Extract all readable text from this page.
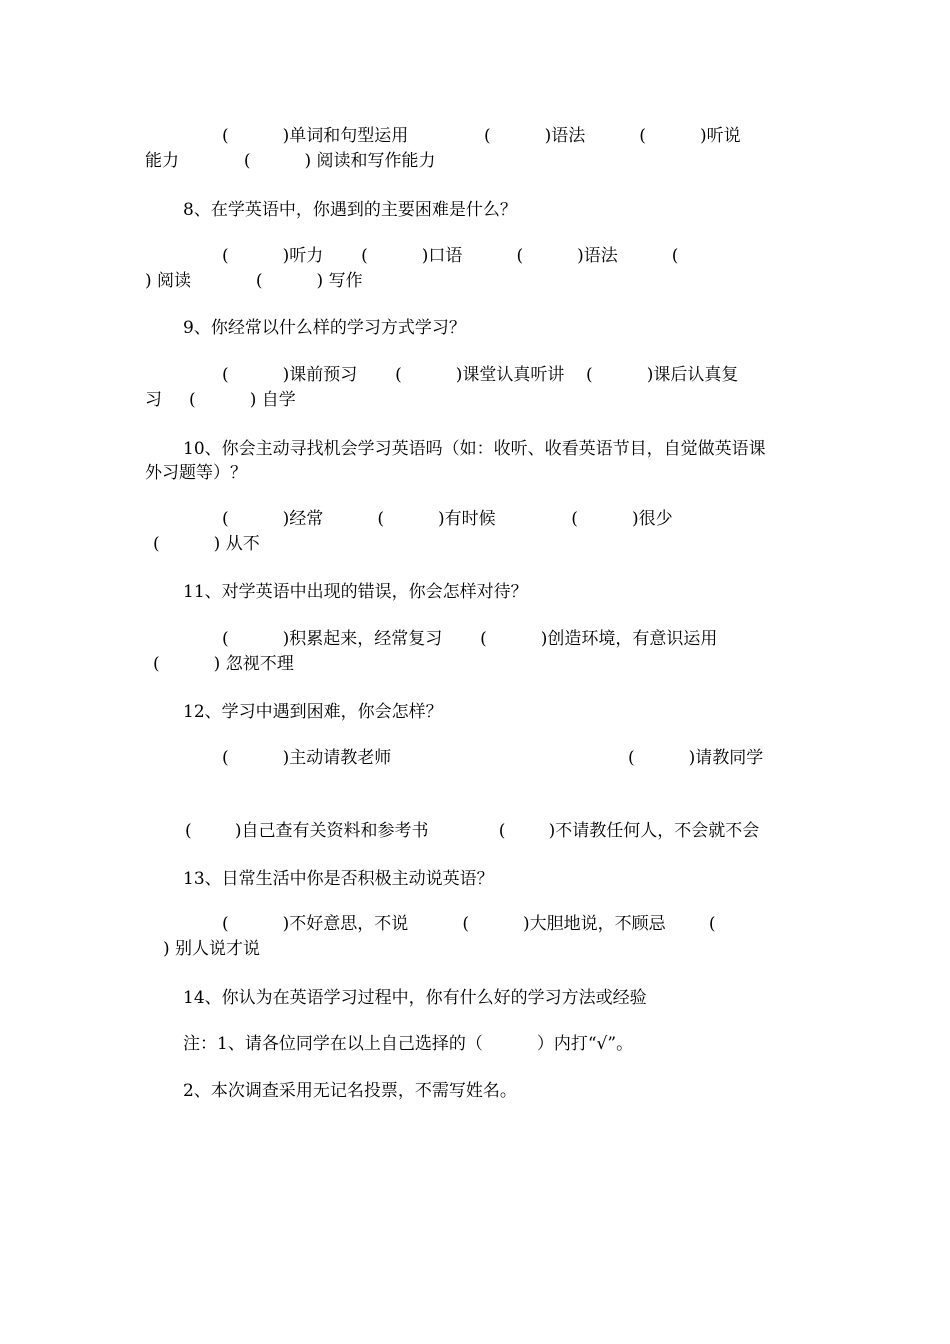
(          )单词和句型运用              (          )语法          (          )听说
能力            (          ) 阅读和写作能力
8、在学英语中，你遇到的主要困难是什么？
(          )听力       (          )口语          (          )语法          (
) 阅读            (          ) 写作
9、你经常以什么样的学习方式学习？
(          )课前预习       (          )课堂认真听讲    (          )课后认真复
习     (          ) 自学
10、你会主动寻找机会学习英语吗（如：收听、收看英语节目，自觉做英语课
外习题等）？
(          )经常          (          )有时候              (          )很少
(          ) 从不
11、对学英语中出现的错误，你会怎样对待？
(          )积累起来，经常复习       (          )创造环境，有意识运用
(          ) 忽视不理
12、学习中遇到困难，你会怎样？
(          )主动请教老师	(          )请教同学
(        )自己查有关资料和参考书             (        )不请教任何人，不会就不会
13、日常生活中你是否积极主动说英语？
(          )不好意思，不说          (          )大胆地说，不顾忌        (
) 别人说才说
14、你认为在英语学习过程中，你有什么好的学习方法或经验
注：1、请各位同学在以上自己选择的（          ）内打“√”。
2、本次调查采用无记名投票，不需写姓名。
